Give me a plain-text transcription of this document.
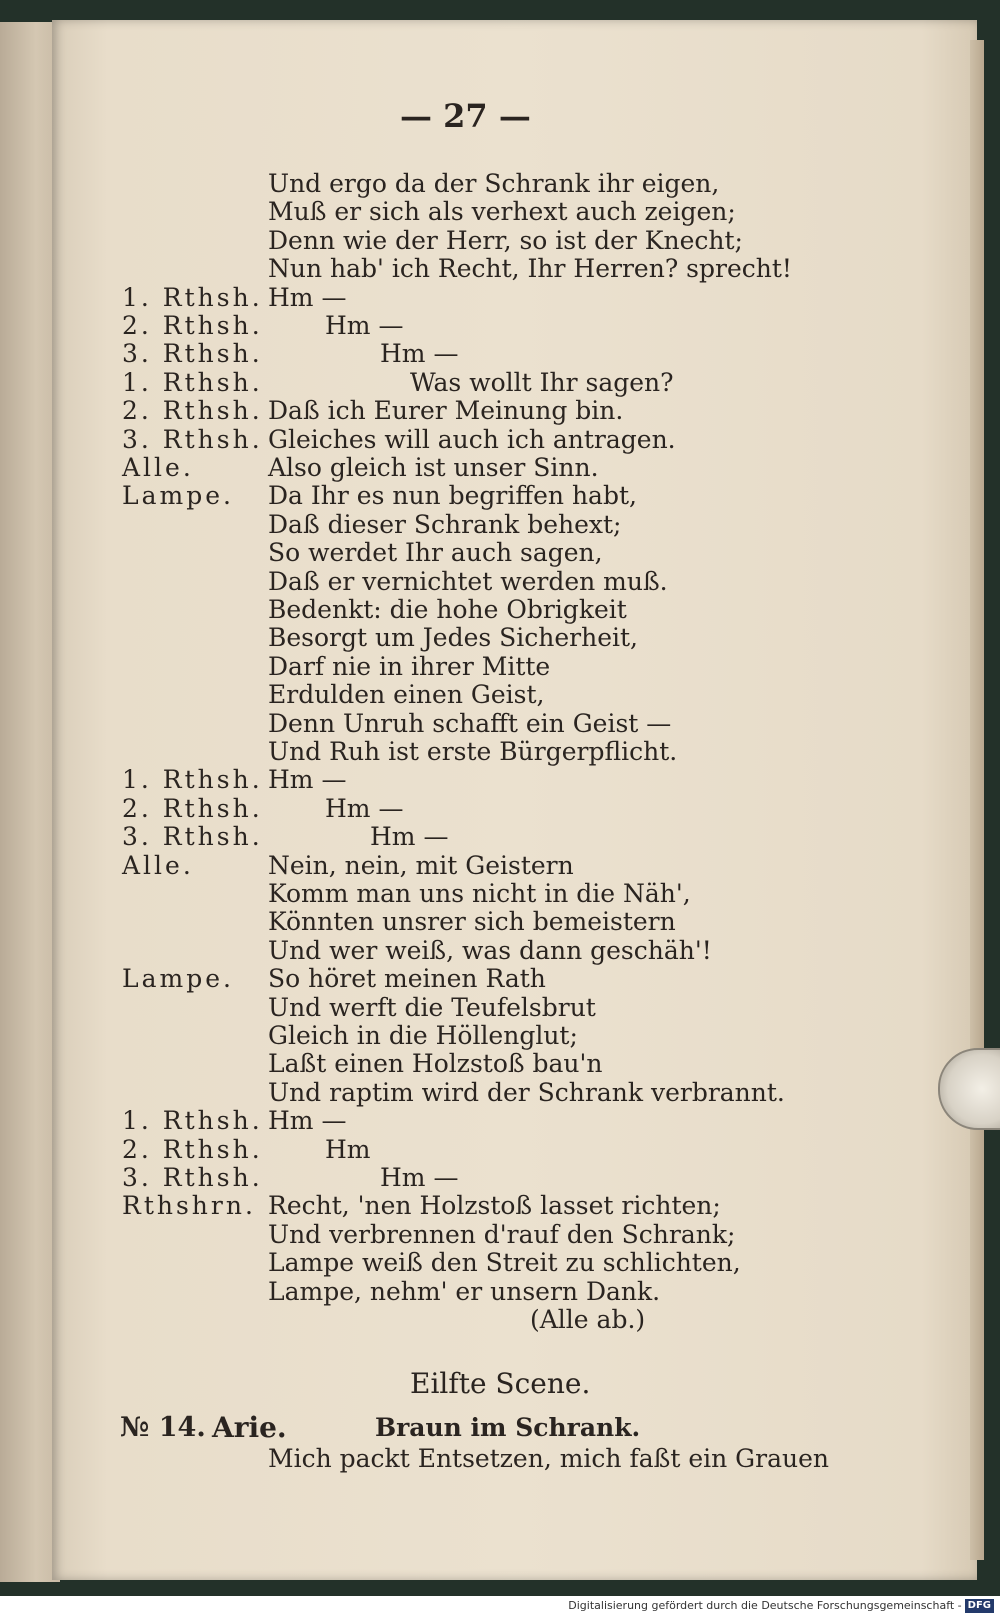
— 27 —
Und ergo da der Schrank ihr eigen,
Muß er sich als verhext auch zeigen;
Denn wie der Herr, so ist der Knecht;
Nun hab' ich Recht, Ihr Herren? sprecht!
1. Rthsh. Hm —
2. Rthsh. Hm —
3. Rthsh.	Hm —
1. Rthsh.	Was wollt Ihr sagen?
2. Rthsh. Daß ich Eurer Meinung bin.
3. Rthsh. Gleiches will auch ich antragen.
Alle.	Also gleich ist unser Sinn.
Lampe. Da Ihr es nun begriffen habt,
Daß dieser Schrank behext;
So werdet Ihr auch sagen,
Daß er vernichtet werden muß.
Bedenkt: die hohe Obrigkeit
Besorgt um Jedes Sicherheit,
Darf nie in ihrer Mitte
Erdulden einen Geist,
Denn Unruh schafft ein Geist —
Und Ruh ist erste Bürgerpflicht.
1. Rthsh. Hm —
2. Rthsh. Hm —
3. Rthsh.	Hm —
Alle.	Nein, nein, mit Geistern
Komm man uns nicht in die Näh',
Könnten unsrer sich bemeistern
Und wer weiß, was dann geschäh'!
Lampe. So höret meinen Rath
Und werft die Teufelsbrut
Gleich in die Höllenglut;
Laßt einen Holzstoß bau'n
Und raptim wird der Schrank verbrannt.
1. Rthsh. Hm —
2. Rthsh. Hm
3. Rthsh.	Hm —
Rthshrn. Recht, 'nen Holzstoß lasset richten;
Und verbrennen d'rauf den Schrank;
Lampe weiß den Streit zu schlichten,
Lampe, nehm' er unsern Dank.
(Alle ab.)
Eilfte Scene.
№ 14. Arie.	Braun im Schrank.
Mich packt Entsetzen, mich faßt ein Grauen
Digitalisierung gefördert durch die Deutsche Forschungsgemeinschaft - DFG
